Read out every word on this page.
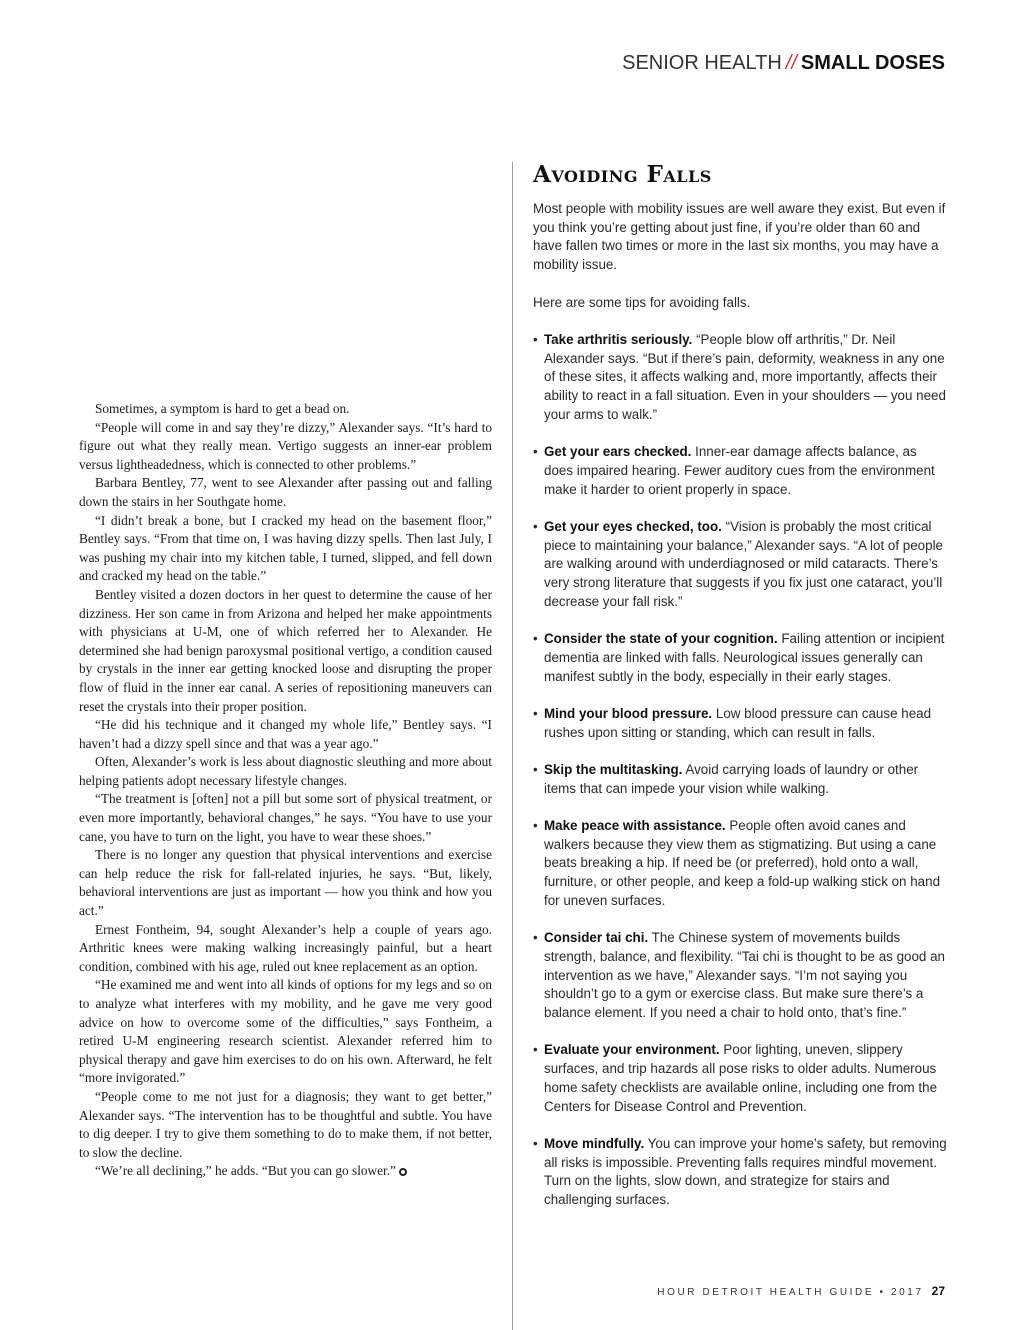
SENIOR HEALTH // SMALL DOSES

Sometimes, a symptom is hard to get a bead on.

“People will come in and say they’re dizzy,” Alexander says. “It’s hard to figure out what they really mean. Vertigo suggests an inner-ear problem versus lightheadedness, which is connected to other problems.”

Barbara Bentley, 77, went to see Alexander after passing out and falling down the stairs in her Southgate home.

“I didn’t break a bone, but I cracked my head on the basement floor,” Bentley says. “From that time on, I was having dizzy spells. Then last July, I was pushing my chair into my kitchen table, I turned, slipped, and fell down and cracked my head on the table.”

Bentley visited a dozen doctors in her quest to determine the cause of her dizziness. Her son came in from Arizona and helped her make appointments with physicians at U-M, one of which referred her to Alexander. He determined she had benign paroxysmal positional vertigo, a condition caused by crystals in the inner ear getting knocked loose and disrupting the proper flow of fluid in the inner ear canal. A series of repositioning maneuvers can reset the crystals into their proper position.

“He did his technique and it changed my whole life,” Bentley says. “I haven’t had a dizzy spell since and that was a year ago.”

Often, Alexander’s work is less about diagnostic sleuthing and more about helping patients adopt necessary lifestyle changes.

“The treatment is [often] not a pill but some sort of physical treatment, or even more importantly, behavioral changes,” he says. “You have to use your cane, you have to turn on the light, you have to wear these shoes.”

There is no longer any question that physical interventions and exercise can help reduce the risk for fall-related injuries, he says. “But, likely, behavioral interventions are just as important — how you think and how you act.”

Ernest Fontheim, 94, sought Alexander’s help a couple of years ago. Arthritic knees were making walking increasingly painful, but a heart condition, combined with his age, ruled out knee replacement as an option.

“He examined me and went into all kinds of options for my legs and so on to analyze what interferes with my mobility, and he gave me very good advice on how to overcome some of the difficulties,” says Fontheim, a retired U-M engineering research scientist. Alexander referred him to physical therapy and gave him exercises to do on his own. Afterward, he felt “more invigorated.”

“People come to me not just for a diagnosis; they want to get better,” Alexander says. “The intervention has to be thoughtful and subtle. You have to dig deeper. I try to give them something to do to make them, if not better, to slow the decline.

“We’re all declining,” he adds. “But you can go slower.”

Avoiding Falls

Most people with mobility issues are well aware they exist. But even if you think you’re getting about just fine, if you’re older than 60 and have fallen two times or more in the last six months, you may have a mobility issue.

Here are some tips for avoiding falls.

• Take arthritis seriously. “People blow off arthritis,” Dr. Neil Alexander says. “But if there’s pain, deformity, weakness in any one of these sites, it affects walking and, more importantly, affects their ability to react in a fall situation. Even in your shoulders — you need your arms to walk.”
• Get your ears checked. Inner-ear damage affects balance, as does impaired hearing. Fewer auditory cues from the environment make it harder to orient properly in space.
• Get your eyes checked, too. “Vision is probably the most critical piece to maintaining your balance,” Alexander says. “A lot of people are walking around with underdiagnosed or mild cataracts. There’s very strong literature that suggests if you fix just one cataract, you’ll decrease your fall risk.”
• Consider the state of your cognition. Failing attention or incipient dementia are linked with falls. Neurological issues generally can manifest subtly in the body, especially in their early stages.
• Mind your blood pressure. Low blood pressure can cause head rushes upon sitting or standing, which can result in falls.
• Skip the multitasking. Avoid carrying loads of laundry or other items that can impede your vision while walking.
• Make peace with assistance. People often avoid canes and walkers because they view them as stigmatizing. But using a cane beats breaking a hip. If need be (or preferred), hold onto a wall, furniture, or other people, and keep a fold-up walking stick on hand for uneven surfaces.
• Consider tai chi. The Chinese system of movements builds strength, balance, and flexibility. “Tai chi is thought to be as good an intervention as we have,” Alexander says. “I’m not saying you shouldn’t go to a gym or exercise class. But make sure there’s a balance element. If you need a chair to hold onto, that’s fine.”
• Evaluate your environment. Poor lighting, uneven, slippery surfaces, and trip hazards all pose risks to older adults. Numerous home safety checklists are available online, including one from the Centers for Disease Control and Prevention.
• Move mindfully. You can improve your home’s safety, but removing all risks is impossible. Preventing falls requires mindful movement. Turn on the lights, slow down, and strategize for stairs and challenging surfaces.
HOUR DETROIT HEALTH GUIDE • 2017 27
